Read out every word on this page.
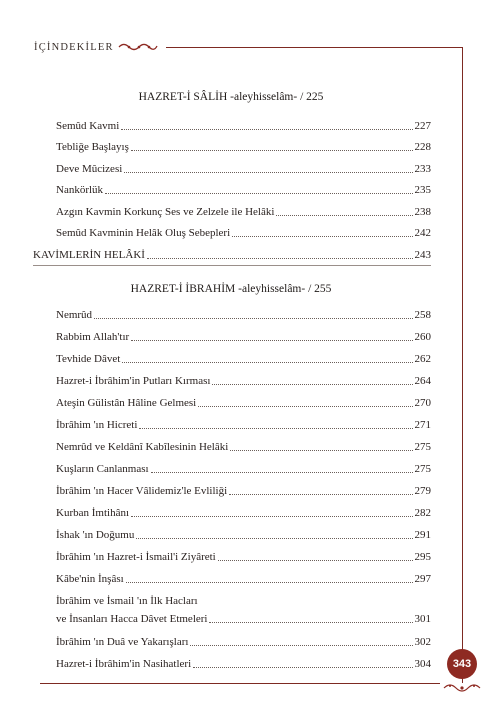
İÇİNDEKİLER
HAZRET-İ SÂLİH -aleyhisselâm- / 225
HAZRET-İ İBRAHİM -aleyhisselâm- / 255
Semûd Kavmi	227
Tebliğe Başlayış	228
Deve Mûcizesi	233
Nankörlük	235
Azgın Kavmin Korkunç Ses ve Zelzele ile Helâki	238
Semûd Kavminin Helâk Oluş Sebepleri	242
KAVİMLERİN HELÂKİ	243
Nemrûd	258
Rabbim Allah'tır	260
Tevhide Dâvet	262
Hazret-i İbrâhim'in Putları Kırması	264
Ateşin Gülistân Hâline Gelmesi	270
İbrâhim 'ın Hicreti	271
Nemrûd ve Keldânî Kabîlesinin Helâki	275
Kuşların Canlanması	275
İbrâhim 'ın Hacer Vâlidemiz'le Evliliği	279
Kurban İmtihânı	282
İshak 'ın Doğumu	291
İbrâhim 'ın Hazret-i İsmail'i Ziyâreti	295
Kâbe'nin İnşâsı	297
İbrâhim ve İsmail 'ın İlk Hacları
ve İnsanları Hacca Dâvet Etmeleri	301
İbrâhim 'ın Duâ ve Yakarışları	302
Hazret-i İbrâhim'in Nasihatleri	304 343
